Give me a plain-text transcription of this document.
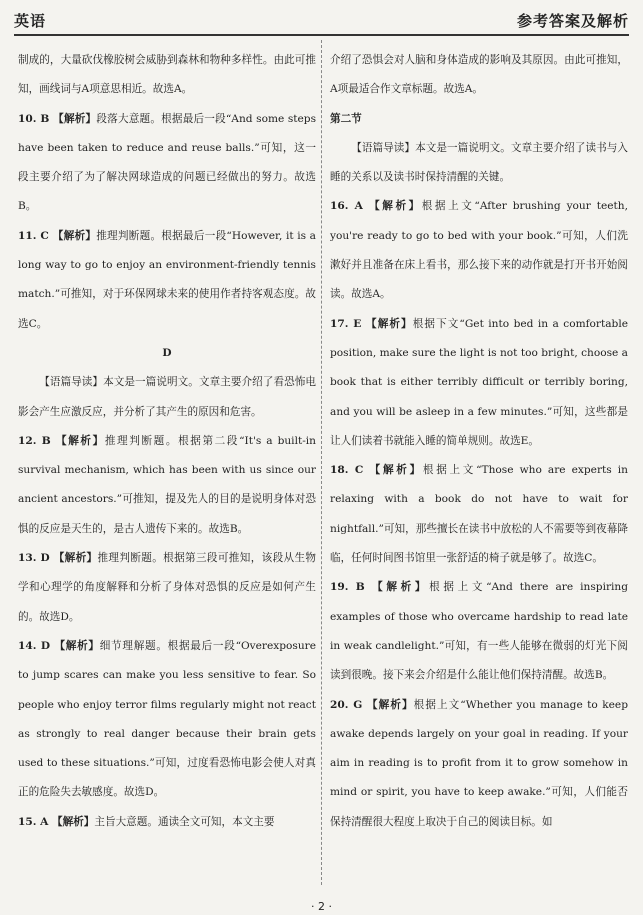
英语	参考答案及解析

制成的，大量砍伐橡胶树会威胁到森林和物种多样性。由此可推知，画线词与A项意思相近。故选A。

10. B 【解析】段落大意题。根据最后一段“And some steps have been taken to reduce and reuse balls.”可知，这一段主要介绍了为了解决网球造成的问题已经做出的努力。故选B。

11. C 【解析】推理判断题。根据最后一段“However, it is a long way to go to enjoy an environment-friendly tennis match.”可推知，对于环保网球未来的使用作者持客观态度。故选C。

D

【语篇导读】本文是一篇说明文。文章主要介绍了看恐怖电影会产生应激反应，并分析了其产生的原因和危害。

12. B 【解析】推理判断题。根据第二段“It's a built-in survival mechanism, which has been with us since our ancient ancestors.”可推知，提及先人的目的是说明身体对恐惧的反应是天生的，是古人遗传下来的。故选B。

13. D 【解析】推理判断题。根据第三段可推知，该段从生物学和心理学的角度解释和分析了身体对恐惧的反应是如何产生的。故选D。

14. D 【解析】细节理解题。根据最后一段“Overexposure to jump scares can make you less sensitive to fear. So people who enjoy terror films regularly might not react as strongly to real danger because their brain gets used to these situations.”可知，过度看恐怖电影会使人对真正的危险失去敏感度。故选D。

15. A 【解析】主旨大意题。通读全文可知，本文主要

介绍了恐惧会对人脑和身体造成的影响及其原因。由此可推知，A项最适合作文章标题。故选A。

第二节

【语篇导读】本文是一篇说明文。文章主要介绍了读书与入睡的关系以及读书时保持清醒的关键。

16. A 【解析】根据上文“After brushing your teeth, you're ready to go to bed with your book.”可知，人们洗漱好并且准备在床上看书，那么接下来的动作就是打开书开始阅读。故选A。

17. E 【解析】根据下文“Get into bed in a comfortable position, make sure the light is not too bright, choose a book that is either terribly difficult or terribly boring, and you will be asleep in a few minutes.”可知，这些都是让人们读着书就能入睡的简单规则。故选E。

18. C 【解析】根据上文“Those who are experts in relaxing with a book do not have to wait for nightfall.”可知，那些擅长在读书中放松的人不需要等到夜幕降临，任何时间图书馆里一张舒适的椅子就是够了。故选C。

19. B 【解析】根据上文“And there are inspiring examples of those who overcame hardship to read late in weak candlelight.”可知，有一些人能够在微弱的灯光下阅读到很晚。接下来会介绍是什么能让他们保持清醒。故选B。

20. G 【解析】根据上文“Whether you manage to keep awake depends largely on your goal in reading. If your aim in reading is to profit from it to grow somehow in mind or spirit, you have to keep awake.”可知，人们能否保持清醒很大程度上取决于自己的阅读目标。如

· 2 ·
